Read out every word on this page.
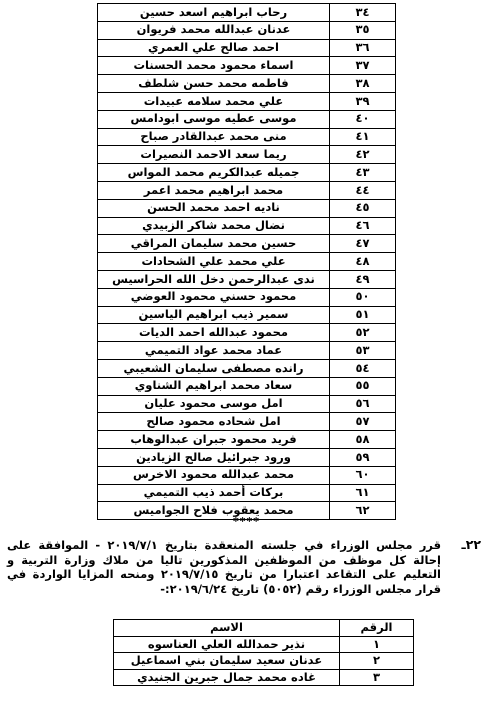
٣٤	رحاب ابراهيم اسعد حسين
٣٥	عدنان عبدالله محمد فريوان
٣٦	احمد صالح علي العمري
٣٧	اسماء محمود محمد الحسنات
٣٨	فاطمه محمد حسن شلطف
٣٩	علي محمد سلامه عبيدات
٤٠	موسى عطيه موسى ابودامس
٤١	منى محمد عبدالقادر صباح
٤٢	ريما سعد الاحمد النصيرات
٤٣	جميله عبدالكريم محمد المواس
٤٤	محمد ابراهيم محمد اعمر
٤٥	ناديه احمد محمد الحسن
٤٦	نضال محمد شاكر الزبيدي
٤٧	حسين محمد سليمان المراقي
٤٨	علي محمد علي الشحادات
٤٩	ندى عبدالرحمن دخل الله الحراسيس
٥٠	محمود حسني محمود العوضي
٥١	سمير ذيب ابراهيم الياسين
٥٢	محمود عبدالله احمد الديات
٥٣	عماد محمد عواد التميمي
٥٤	رانده مصطفى سليمان الشعيبي
٥٥	سعاد محمد ابراهيم الشناوي
٥٦	امل موسى محمود عليان
٥٧	امل شحاده محمود صالح
٥٨	فريد محمود جبران عبدالوهاب
٥٩	ورود جبرائيل صالح الزيادين
٦٠	محمد عبدالله محمود الاخرس
٦١	بركات أحمد ذيب التميمي
٦٢	محمد يعقوب فلاح الجواميس
****
٢٢ـ
قرر مجلس الوزراء في جلسته المنعقدة بتاريخ ٢٠١٩/٧/١ - الموافقة على إحالة كل موظف من الموظفين المذكورين تاليا من ملاك وزارة التربية و التعليم على التقاعد اعتبارا من تاريخ ٢٠١٩/٧/١٥ ومنحه المزايا الواردة في قرار مجلس الوزراء رقم (٥٠٥٢) تاريخ ٢٠١٩/٦/٢٤:-
الرقم	الاسم
١	نذير حمدالله العلي العناسوه
٢	عدنان سعيد سليمان بني اسماعيل
٣	غاده محمد جمال جبرين الجنيدي
